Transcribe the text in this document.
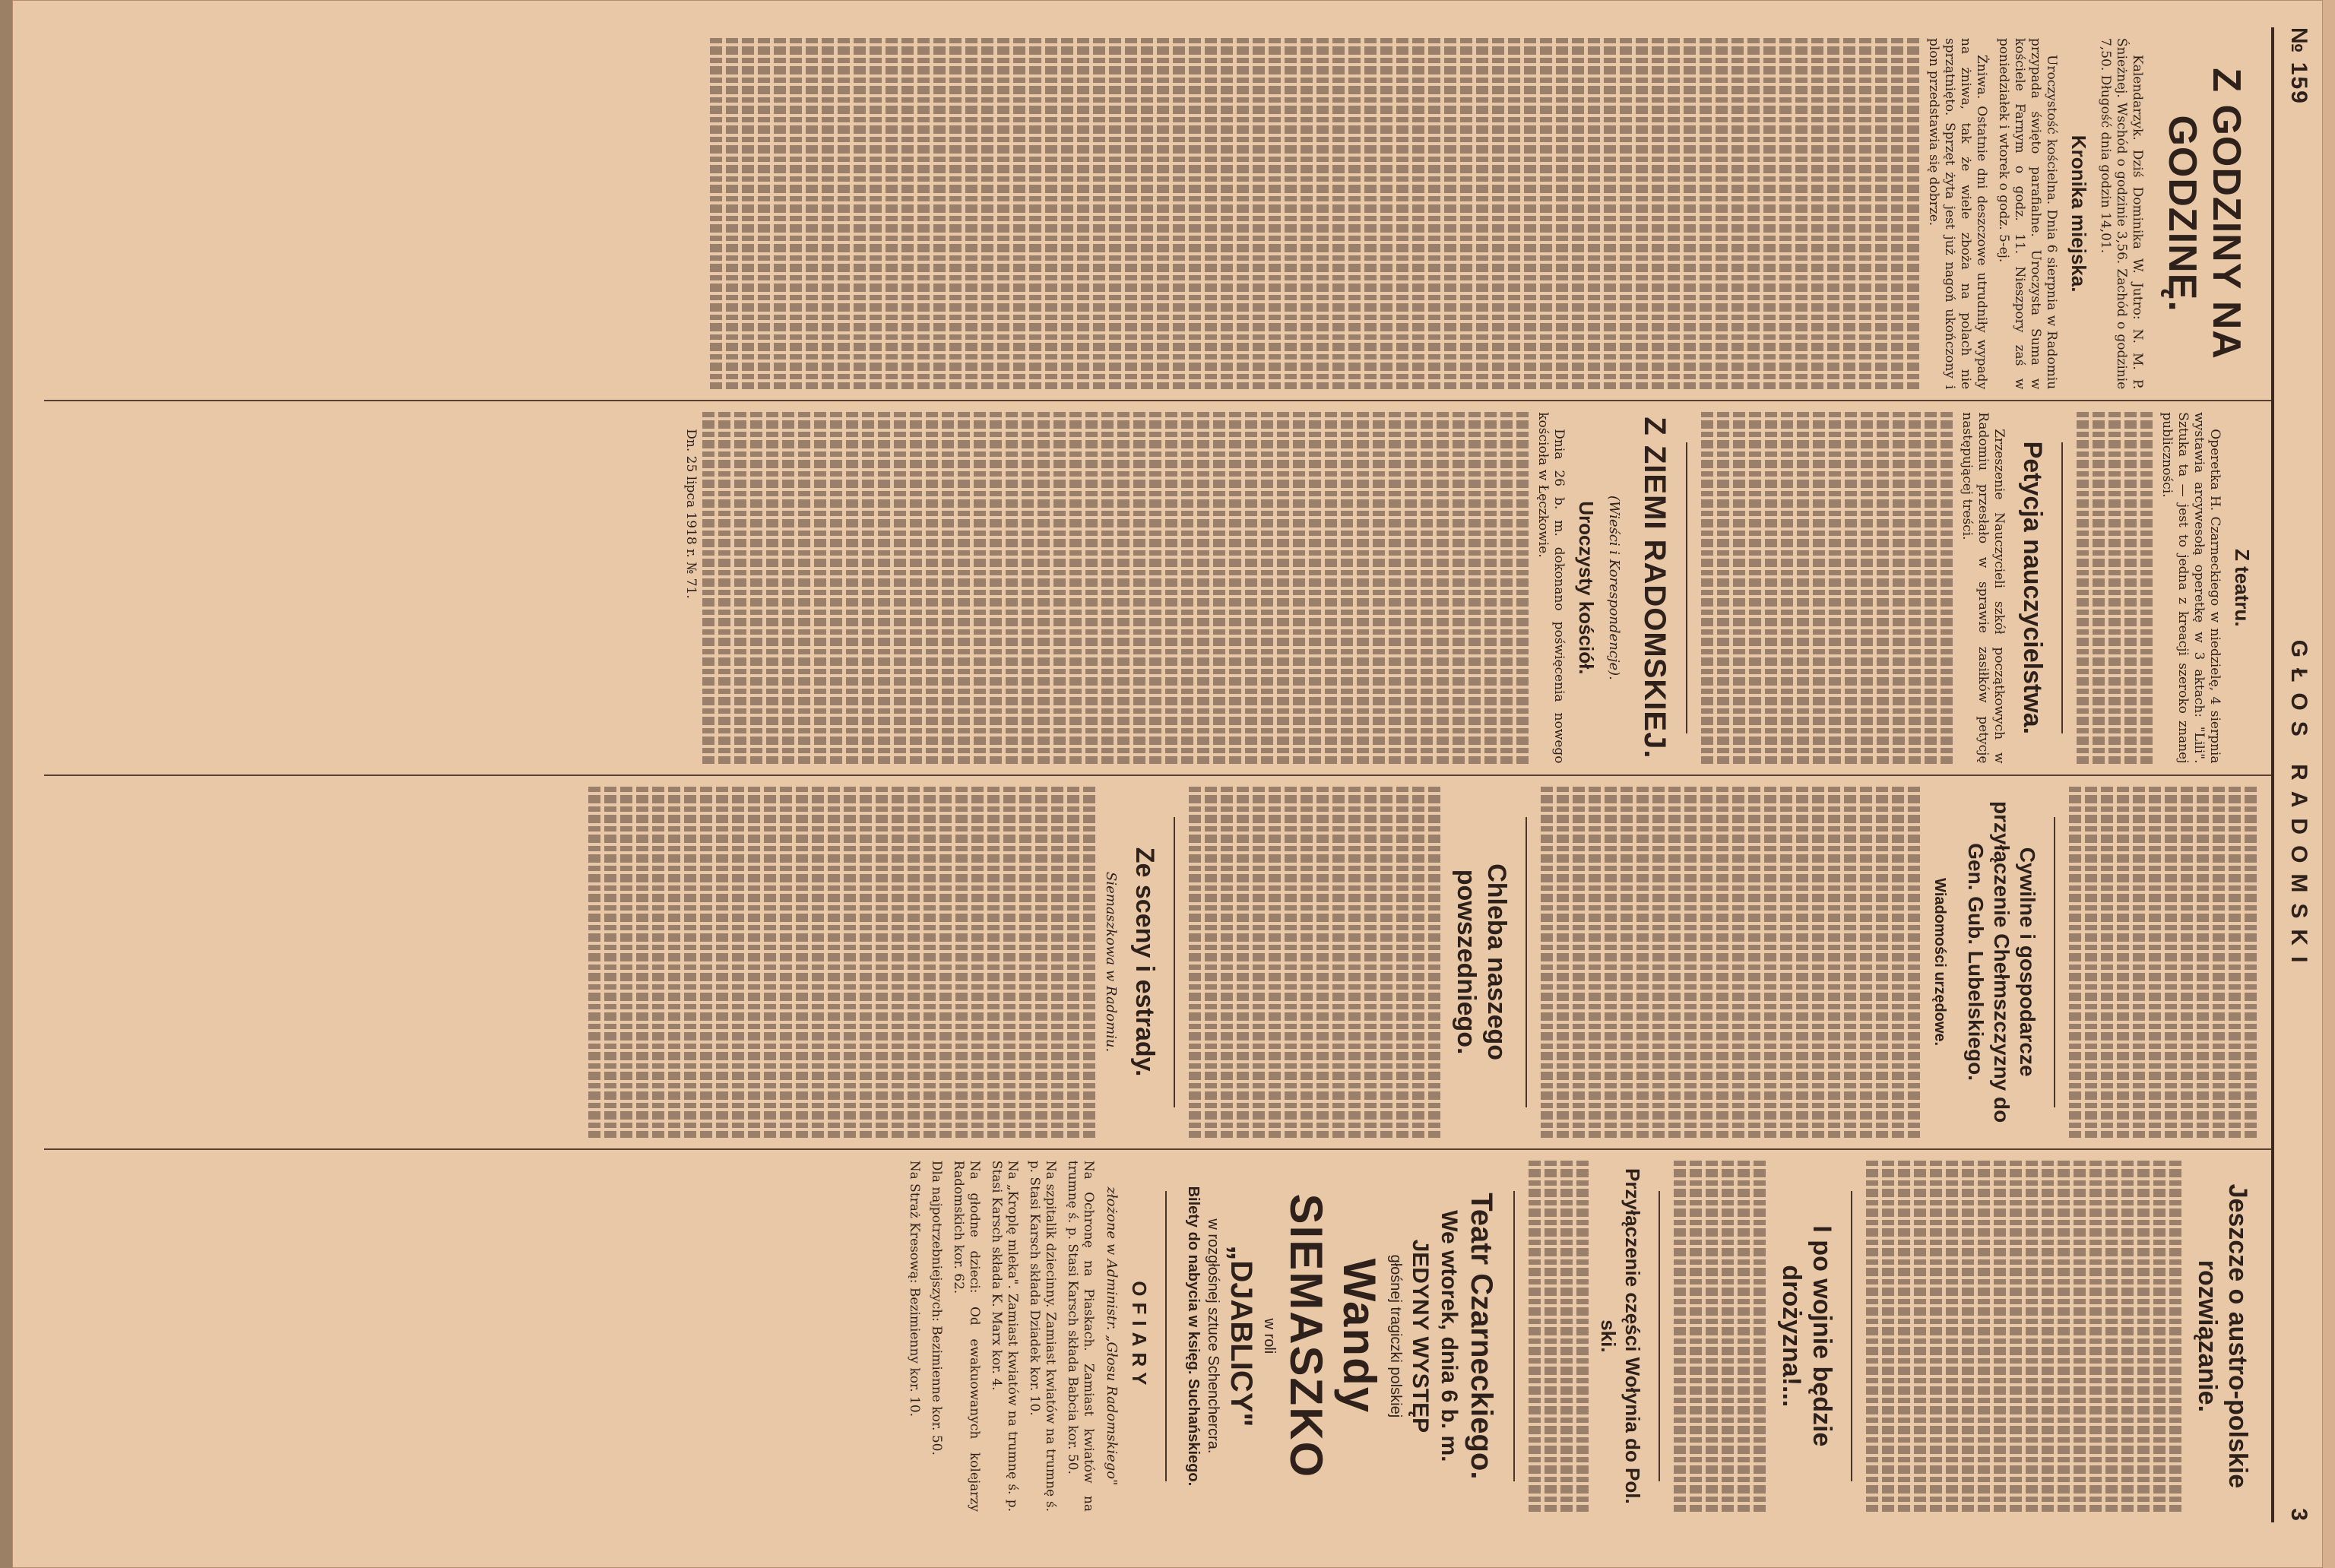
№ 159
GŁOS RADOMSKI
3
Z GODZINY NA GODZINĘ.

Kalendarzyk. Dziś Dominika W. Jutro: N. M. P. Śnieżnej. Wschód o godzinie 3,56. Zachód o godzinie 7,50. Długość dnia godzin 14,01.

Kronika miejska.

Uroczystość kościelna. Dnia 6 sierpnia w Radomiu przypada święto parafialne. Uroczysta Suma w kościele Farnym o godz. 11. Nieszpory zaś w poniedziałek i wtorek o godz. 5-ej.

Żniwa. Ostatnie dni deszczowe utrudniły wypady na żniwa, tak że wiele zboża na polach nie sprzątnięto. Sprzęt żyta jest już nagoń ukończony i plon przedstawia się dobrze.

Z teatru.

Operetka H. Czarneckiego w niedzielę, 4 sierpnia wystawia arcywesołą operetkę w 3 aktach: "Lili". Sztuka ta — jest to jedna z kreacji szeroko znanej publiczności.

Petycja nauczycielstwa.

Zrzeszenie Nauczycieli szkół początkowych w Radomiu przesłało w sprawie zasiłków petycję następującej treści.

Z ZIEMI RADOMSKIEJ.
(Wieści i Korespondencje).
Uroczysty kościół.

Dnia 26 b. m. dokonano poświęcenia nowego kościoła w Łęczkowie.

Dn. 25 lipca 1918 r. № 71.

Cywilne i gospodarcze przyłączenie Chełmszczyzny do Gen. Gub. Lubelskiego.
Wiadomości urzędowe.
Chleba naszego powszedniego.
Ze sceny i estrady.
Siemaszkowa w Radomiu.
Jeszcze o austro-polskie rozwiązanie.
I po wojnie będzie drożyzna!...
Przyłączenie części Wołynia do Pol. ski.
Teatr Czarneckiego.
We wtorek, dnia 6 b. m.
JEDYNY WYSTĘP
głośnej tragiczki polskiej
Wandy SIEMASZKO
w roli
„DJABLICY"
w rozgłośnej sztuce Schenchercra.
Bilety do nabycia w księg. Suchańskiego.
OFIARY
złożone w Administr. „Głosu Radomskiego"

Na Ochronę na Piaskach. Zamiast kwiatów na trumnę ś. p. Stasi Karsch składa Babcia kor. 50.

Na szpitalik dziecinny. Zamiast kwiatów na trumnę ś. p. Stasi Karsch składa Dziadek kor. 10.

Na „Kroplę mleka". Zamiast kwiatów na trumnę ś. p. Stasi Karsch składa K. Marx kor. 4.

Na głodne dzieci: Od ewakuowanych kolejarzy Radomskich kor. 62.

Dla najpotrzebniejszych: Bezimienne kor. 50.

Na Straż Kresową: Bezimienny kor. 10.
